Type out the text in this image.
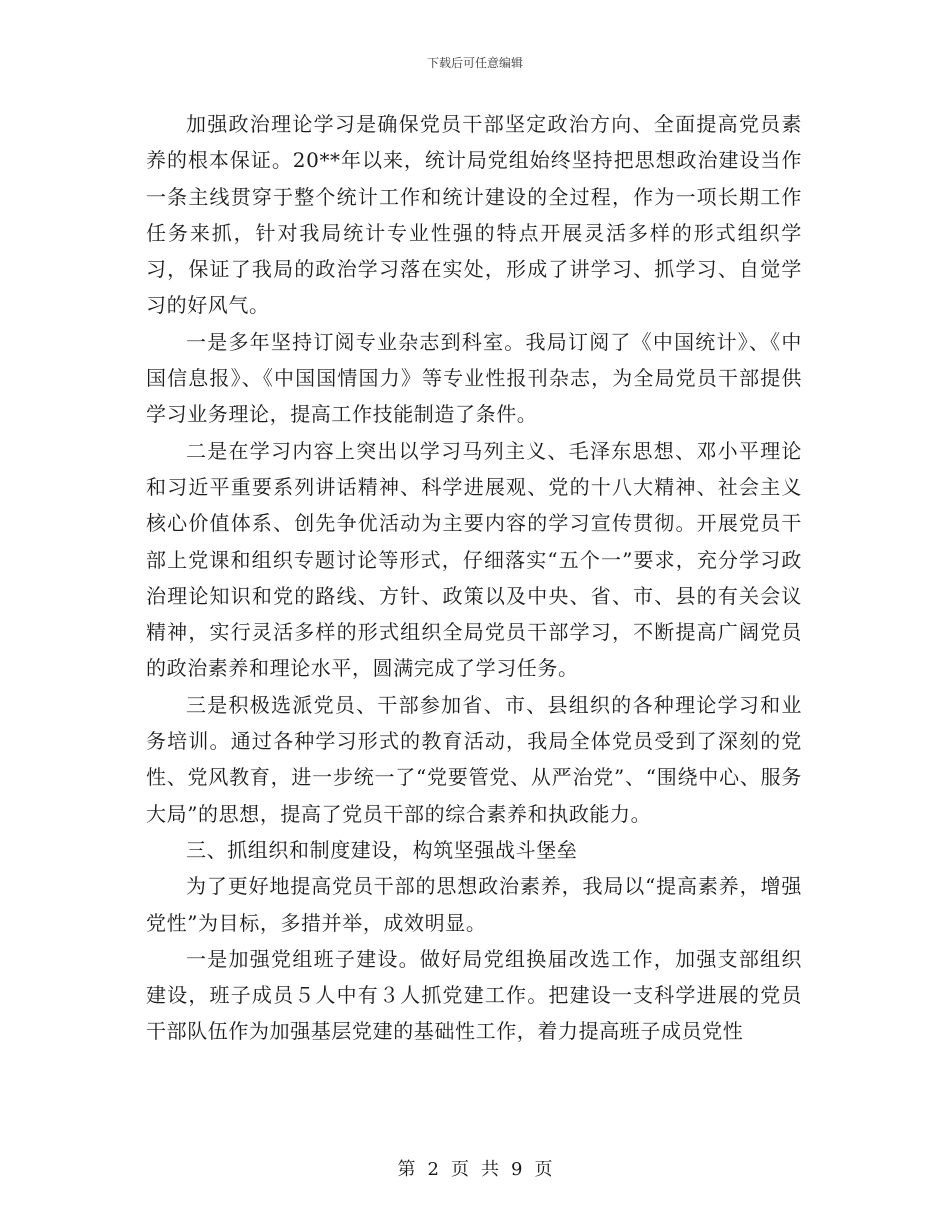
下载后可任意编辑

加强政治理论学习是确保党员干部坚定政治方向、全面提高党员素养的根本保证。20**年以来，统计局党组始终坚持把思想政治建设当作一条主线贯穿于整个统计工作和统计建设的全过程，作为一项长期工作任务来抓，针对我局统计专业性强的特点开展灵活多样的形式组织学习，保证了我局的政治学习落在实处，形成了讲学习、抓学习、自觉学习的好风气。

一是多年坚持订阅专业杂志到科室。我局订阅了《中国统计》、《中国信息报》、《中国国情国力》等专业性报刊杂志，为全局党员干部提供学习业务理论，提高工作技能制造了条件。

二是在学习内容上突出以学习马列主义、毛泽东思想、邓小平理论和习近平重要系列讲话精神、科学进展观、党的十八大精神、社会主义核心价值体系、创先争优活动为主要内容的学习宣传贯彻。开展党员干部上党课和组织专题讨论等形式，仔细落实“五个一”要求，充分学习政治理论知识和党的路线、方针、政策以及中央、省、市、县的有关会议精神，实行灵活多样的形式组织全局党员干部学习，不断提高广阔党员的政治素养和理论水平，圆满完成了学习任务。

三是积极选派党员、干部参加省、市、县组织的各种理论学习和业务培训。通过各种学习形式的教育活动，我局全体党员受到了深刻的党性、党风教育，进一步统一了“党要管党、从严治党”、“围绕中心、服务大局”的思想，提高了党员干部的综合素养和执政能力。

三、抓组织和制度建设，构筑坚强战斗堡垒

为了更好地提高党员干部的思想政治素养，我局以“提高素养，增强党性”为目标，多措并举，成效明显。

一是加强党组班子建设。做好局党组换届改选工作，加强支部组织建设，班子成员５人中有３人抓党建工作。把建设一支科学进展的党员干部队伍作为加强基层党建的基础性工作，着力提高班子成员党性

第 2 页 共 9 页
